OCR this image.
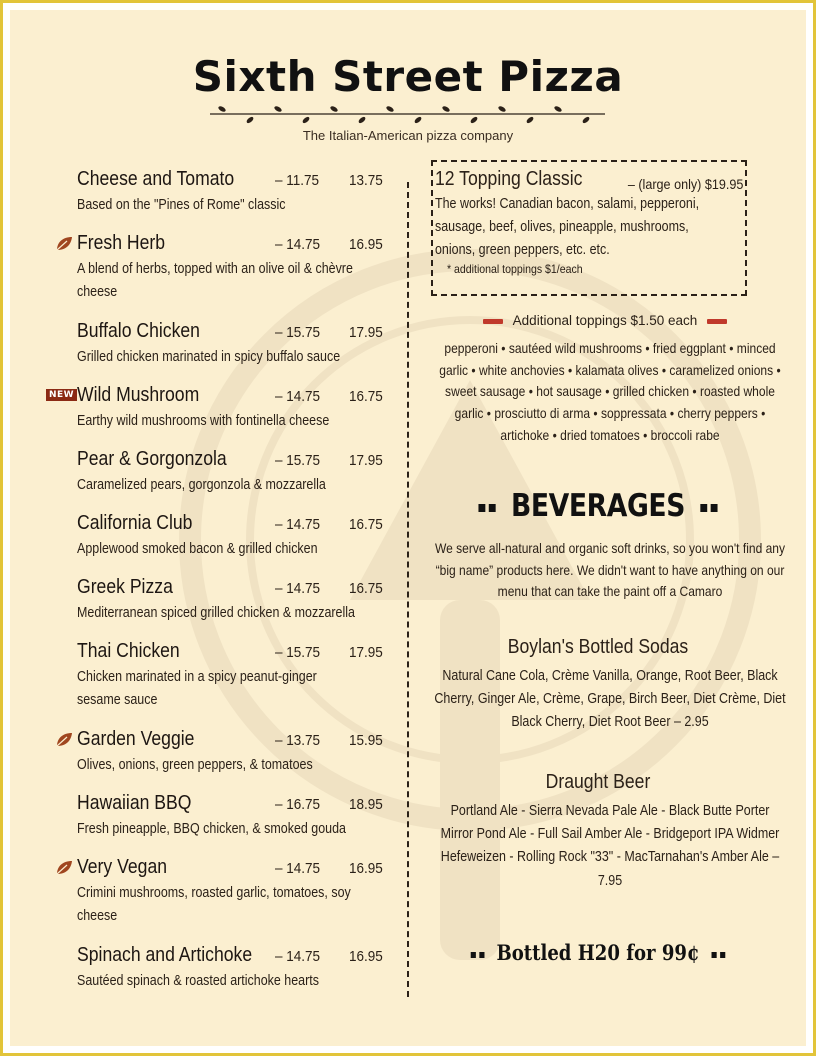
Sixth Street Pizza
The Italian-American pizza company
Cheese and Tomato	– 11.75 13.75
Based on the "Pines of Rome" classic
Fresh Herb	– 14.75 16.95
A blend of herbs, topped with an olive oil & chèvre cheese
Buffalo Chicken	– 15.75 17.95
Grilled chicken marinated in spicy buffalo sauce
NEW Wild Mushroom	– 14.75 16.75
Earthy wild mushrooms with fontinella cheese
Pear & Gorgonzola	– 15.75 17.95
Caramelized pears, gorgonzola & mozzarella
California Club	– 14.75 16.75
Applewood smoked bacon & grilled chicken
Greek Pizza	– 14.75 16.75
Mediterranean spiced grilled chicken & mozzarella
Thai Chicken	– 15.75 17.95
Chicken marinated in a spicy peanut-ginger sesame sauce
Garden Veggie	– 13.75 15.95
Olives, onions, green peppers, & tomatoes
Hawaiian BBQ	– 16.75 18.95
Fresh pineapple, BBQ chicken, & smoked gouda
Very Vegan	– 14.75 16.95
Crimini mushrooms, roasted garlic, tomatoes, soy cheese
Spinach and Artichoke – 14.75 16.95
Sautéed spinach & roasted artichoke hearts
12 Topping Classic	– (large only) $19.95
The works! Canadian bacon, salami, pepperoni, sausage, beef, olives, pineapple, mushrooms, onions, green peppers, etc. etc.
* additional toppings $1/each
Additional toppings $1.50 each
pepperoni • sautéed wild mushrooms • fried eggplant • minced garlic • white anchovies • kalamata olives • caramelized onions • sweet sausage • hot sausage • grilled chicken • roasted whole garlic • prosciutto di arma • soppressata • cherry peppers • artichoke • dried tomatoes • broccoli rabe
BEVERAGES
We serve all-natural and organic soft drinks, so you won't find any “big name” products here. We didn't want to have anything on our menu that can take the paint off a Camaro
Boylan's Bottled Sodas
Natural Cane Cola, Crème Vanilla, Orange, Root Beer, Black Cherry, Ginger Ale, Crème, Grape, Birch Beer, Diet Crème, Diet Black Cherry, Diet Root Beer – 2.95
Draught Beer
Portland Ale - Sierra Nevada Pale Ale - Black Butte Porter Mirror Pond Ale - Full Sail Amber Ale - Bridgeport IPA Widmer Hefeweizen - Rolling Rock "33" - MacTarnahan's Amber Ale – 7.95
Bottled H20 for 99¢
